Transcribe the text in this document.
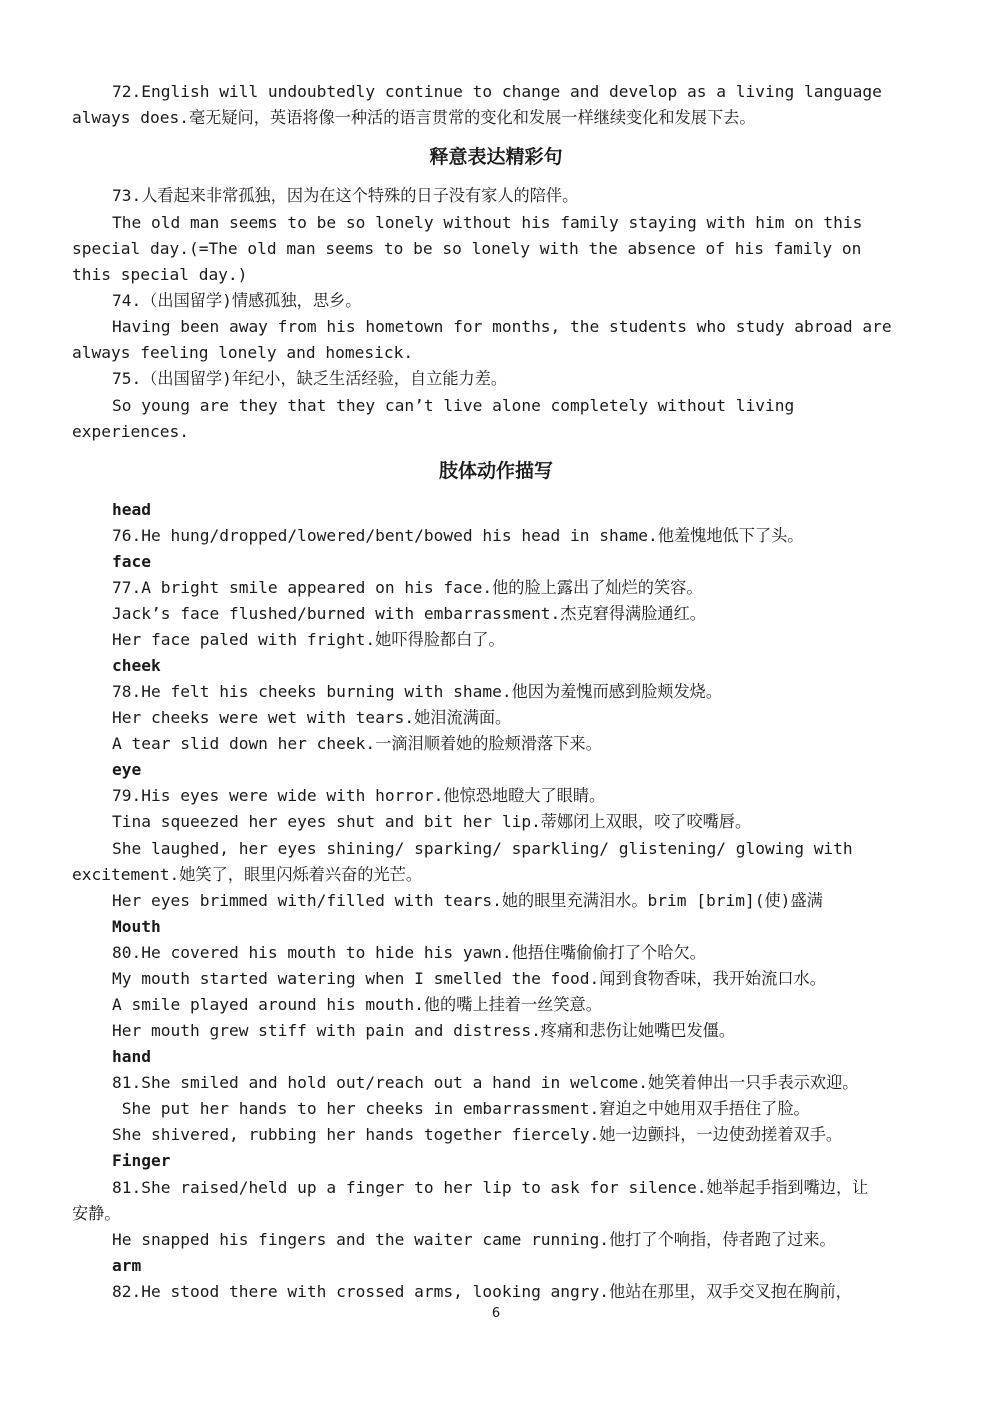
72.English will undoubtedly continue to change and develop as a living language
always does.毫无疑问，英语将像一种活的语言贯常的变化和发展一样继续变化和发展下去。
释意表达精彩句
73.人看起来非常孤独，因为在这个特殊的日子没有家人的陪伴。
The old man seems to be so lonely without his family staying with him on this
special day.(=The old man seems to be so lonely with the absence of his family on
this special day.)
74.（出国留学)情感孤独，思乡。
Having been away from his hometown for months, the students who study abroad are
always feeling lonely and homesick.
75.（出国留学)年纪小，缺乏生活经验，自立能力差。
So young are they that they can’t live alone completely without living
experiences.
肢体动作描写
head
76.He hung/dropped/lowered/bent/bowed his head in shame.他羞愧地低下了头。
face
77.A bright smile appeared on his face.他的脸上露出了灿烂的笑容。
Jack’s face flushed/burned with embarrassment.杰克窘得满脸通红。
Her face paled with fright.她吓得脸都白了。
cheek
78.He felt his cheeks burning with shame.他因为羞愧而感到脸颊发烧。
Her cheeks were wet with tears.她泪流满面。
A tear slid down her cheek.一滴泪顺着她的脸颊滑落下来。
eye
79.His eyes were wide with horror.他惊恐地瞪大了眼睛。
Tina squeezed her eyes shut and bit her lip.蒂娜闭上双眼，咬了咬嘴唇。
She laughed, her eyes shining/ sparking/ sparkling/ glistening/ glowing with
excitement.她笑了，眼里闪烁着兴奋的光芒。
Her eyes brimmed with/filled with tears.她的眼里充满泪水。brim [brim](使)盛满
Mouth
80.He covered his mouth to hide his yawn.他捂住嘴偷偷打了个哈欠。
My mouth started watering when I smelled the food.闻到食物香味，我开始流口水。
A smile played around his mouth.他的嘴上挂着一丝笑意。
Her mouth grew stiff with pain and distress.疼痛和悲伤让她嘴巴发僵。
hand
81.She smiled and hold out/reach out a hand in welcome.她笑着伸出一只手表示欢迎。
She put her hands to her cheeks in embarrassment.窘迫之中她用双手捂住了脸。
She shivered, rubbing her hands together fiercely.她一边颤抖，一边使劲搓着双手。
Finger
81.She raised/held up a finger to her lip to ask for silence.她举起手指到嘴边，让
安静。
He snapped his fingers and the waiter came running.他打了个响指，侍者跑了过来。
arm
82.He stood there with crossed arms, looking angry.他站在那里，双手交叉抱在胸前，
6
